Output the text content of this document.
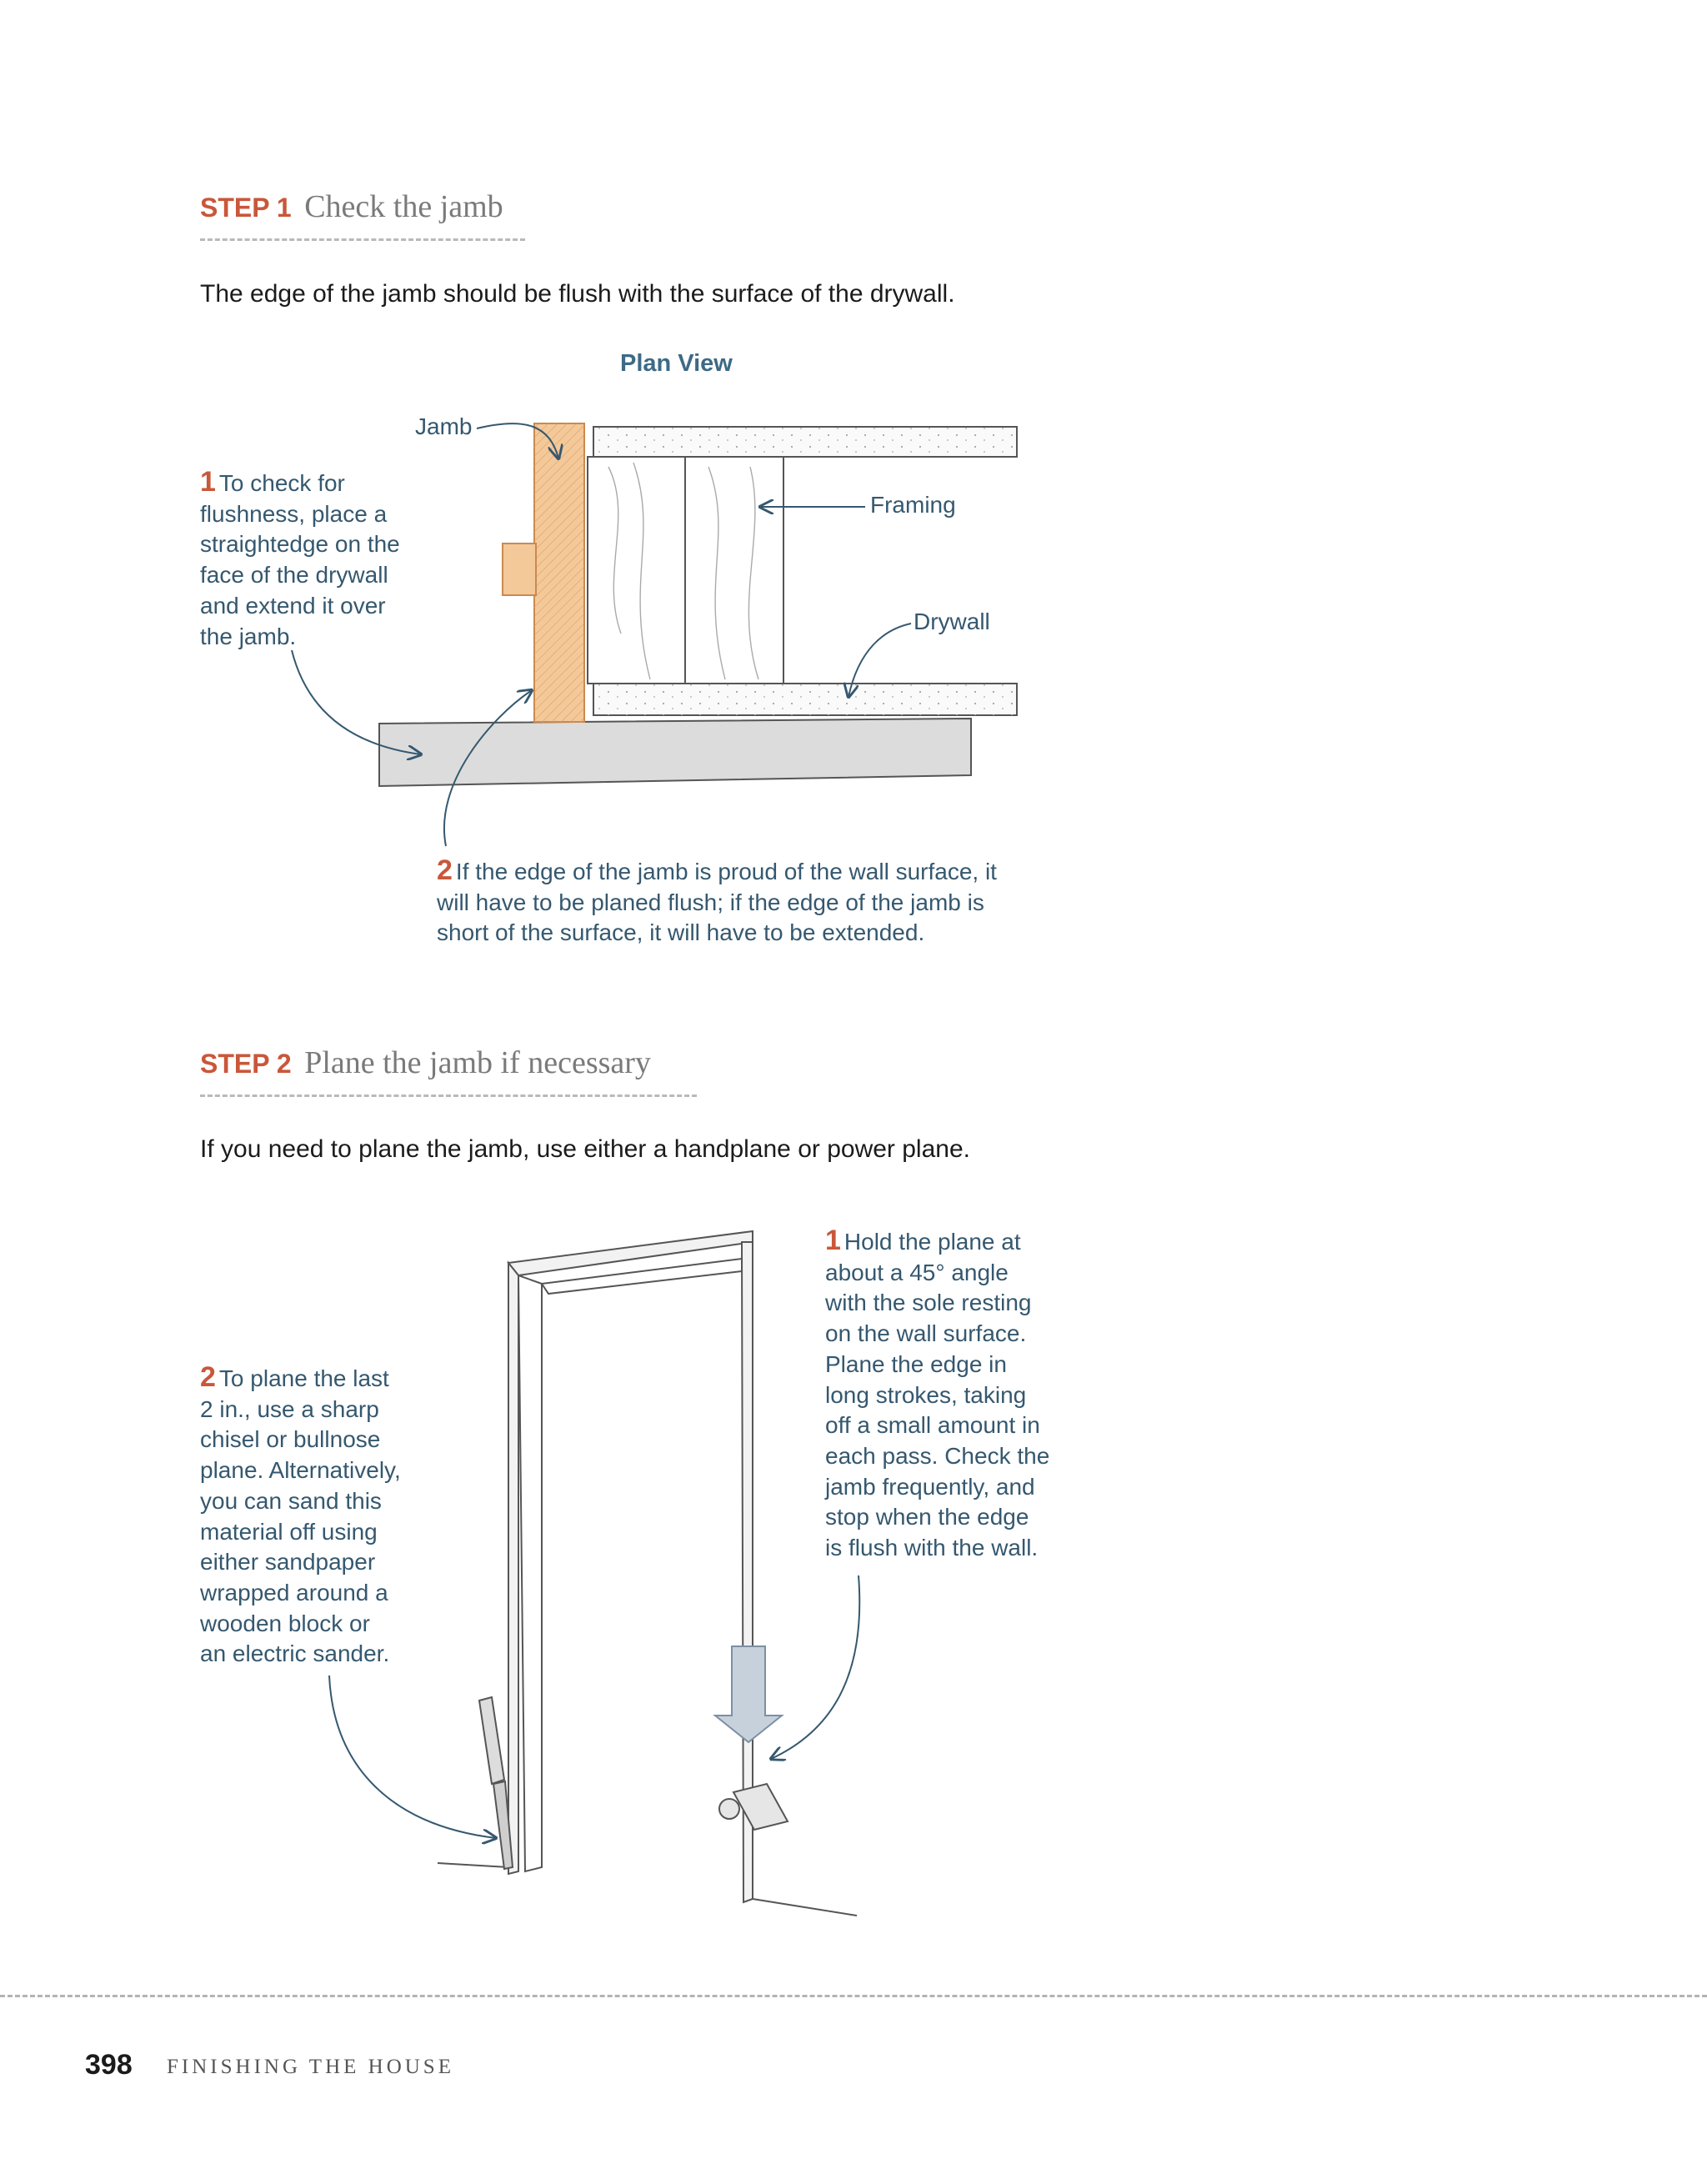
STEP 1 Check the jamb
The edge of the jamb should be flush with the surface of the drywall.
Plan View
Jamb
Framing
Drywall
1 To check for
flushness, place a
straightedge on the
face of the drywall
and extend it over
the jamb.
2 If the edge of the jamb is proud of the wall surface, it
will have to be planed flush; if the edge of the jamb is
short of the surface, it will have to be extended.
STEP 2 Plane the jamb if necessary
If you need to plane the jamb, use either a handplane or power plane.
1 Hold the plane at
about a 45° angle
with the sole resting
on the wall surface.
Plane the edge in
long strokes, taking
off a small amount in
each pass. Check the
jamb frequently, and
stop when the edge
is flush with the wall.
2 To plane the last
2 in., use a sharp
chisel or bullnose
plane. Alternatively,
you can sand this
material off using
either sandpaper
wrapped around a
wooden block or
an electric sander.
398 FINISHING THE HOUSE
